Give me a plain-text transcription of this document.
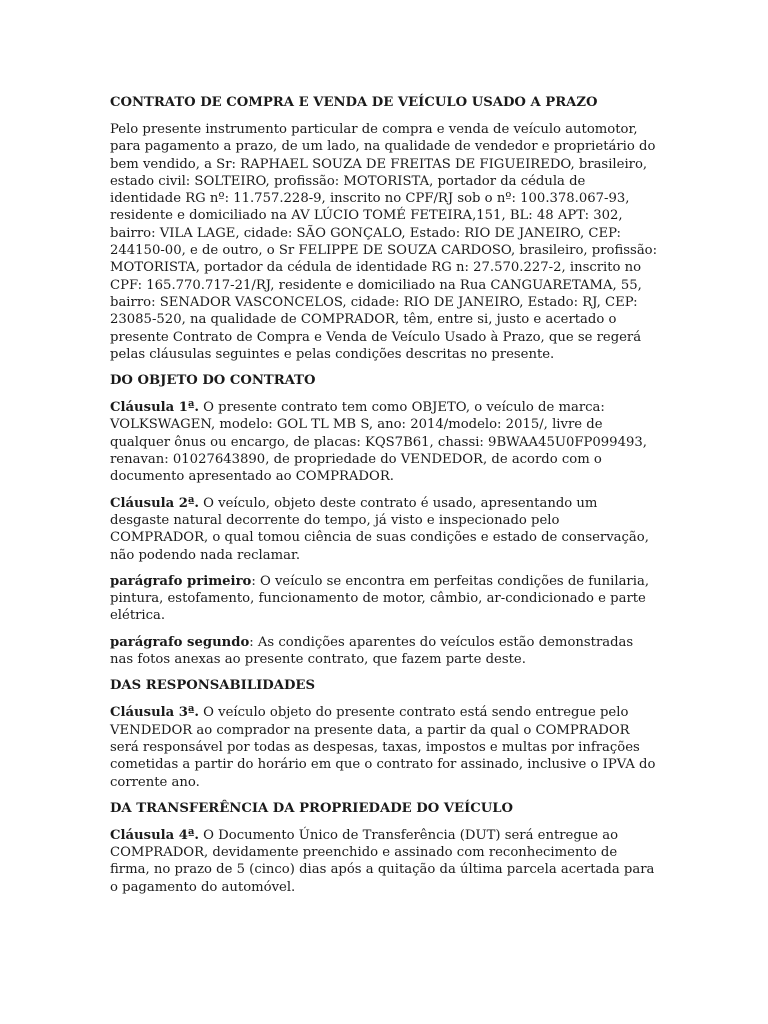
CONTRATO DE COMPRA E VENDA DE VEÍCULO USADO A PRAZO
Pelo presente instrumento particular de compra e venda de veículo automotor, para pagamento a prazo, de um lado, na qualidade de vendedor e proprietário do bem vendido, a Sr: RAPHAEL SOUZA DE FREITAS DE FIGUEIREDO, brasileiro, estado civil: SOLTEIRO, profissão: MOTORISTA, portador da cédula de identidade RG nº: 11.757.228-9, inscrito no CPF/RJ sob o nº: 100.378.067-93, residente e domiciliado na AV LÚCIO TOMÉ FETEIRA,151, BL: 48 APT: 302, bairro: VILA LAGE, cidade: SÃO GONÇALO, Estado: RIO DE JANEIRO, CEP: 244150-00, e de outro, o Sr FELIPPE DE SOUZA CARDOSO, brasileiro, profissão: MOTORISTA, portador da cédula de identidade RG n: 27.570.227-2, inscrito no CPF: 165.770.717-21/RJ, residente e domiciliado na Rua CANGUARETAMA, 55, bairro: SENADOR VASCONCELOS, cidade: RIO DE JANEIRO, Estado: RJ, CEP: 23085-520, na qualidade de COMPRADOR, têm, entre si, justo e acertado o presente Contrato de Compra e Venda de Veículo Usado à Prazo, que se regerá pelas cláusulas seguintes e pelas condições descritas no presente.
DO OBJETO DO CONTRATO
Cláusula 1ª. O presente contrato tem como OBJETO, o veículo de marca: VOLKSWAGEN, modelo: GOL TL MB S, ano: 2014/modelo: 2015/, livre de qualquer ônus ou encargo, de placas: KQS7B61, chassi: 9BWAA45U0FP099493, renavan: 01027643890, de propriedade do VENDEDOR, de acordo com o documento apresentado ao COMPRADOR.
Cláusula 2ª. O veículo, objeto deste contrato é usado, apresentando um desgaste natural decorrente do tempo, já visto e inspecionado pelo COMPRADOR, o qual tomou ciência de suas condições e estado de conservação, não podendo nada reclamar.
parágrafo primeiro: O veículo se encontra em perfeitas condições de funilaria, pintura, estofamento, funcionamento de motor, câmbio, ar-condicionado e parte elétrica.
parágrafo segundo: As condições aparentes do veículos estão demonstradas nas fotos anexas ao presente contrato, que fazem parte deste.
DAS RESPONSABILIDADES
Cláusula 3ª. O veículo objeto do presente contrato está sendo entregue pelo VENDEDOR ao comprador na presente data, a partir da qual o COMPRADOR será responsável por todas as despesas, taxas, impostos e multas por infrações cometidas a partir do horário em que o contrato for assinado, inclusive o IPVA do corrente ano.
DA TRANSFERÊNCIA DA PROPRIEDADE DO VEÍCULO
Cláusula 4ª. O Documento Único de Transferência (DUT) será entregue ao COMPRADOR, devidamente preenchido e assinado com reconhecimento de firma, no prazo de 5 (cinco) dias após a quitação da última parcela acertada para o pagamento do automóvel.
